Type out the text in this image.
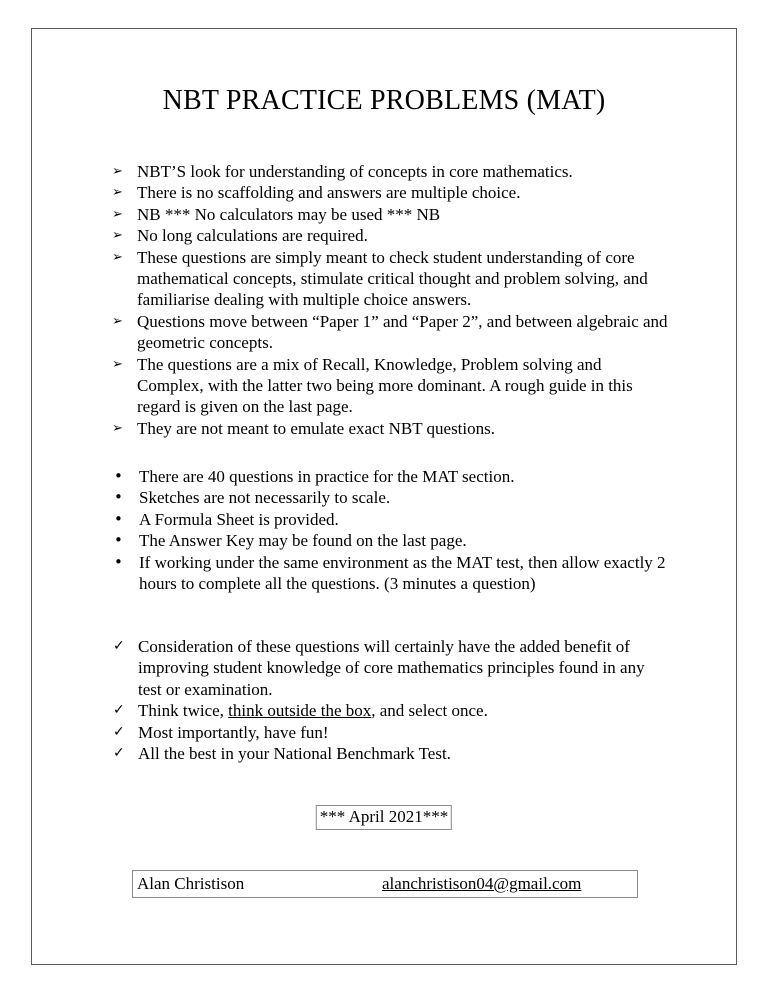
NBT PRACTICE PROBLEMS (MAT)
➢ NBT’S look for understanding of concepts in core mathematics.
➢ There is no scaffolding and answers are multiple choice.
➢ NB *** No calculators may be used *** NB
➢ No long calculations are required.
➢ These questions are simply meant to check student understanding of core mathematical concepts, stimulate critical thought and problem solving, and familiarise dealing with multiple choice answers.
➢ Questions move between “Paper 1” and “Paper 2”, and between algebraic and geometric concepts.
➢ The questions are a mix of Recall, Knowledge, Problem solving and Complex, with the latter two being more dominant. A rough guide in this regard is given on the last page.
➢ They are not meant to emulate exact NBT questions.
• There are 40 questions in practice for the MAT section.
• Sketches are not necessarily to scale.
• A Formula Sheet is provided.
• The Answer Key may be found on the last page.
• If working under the same environment as the MAT test, then allow exactly 2 hours to complete all the questions. (3 minutes a question)
✓ Consideration of these questions will certainly have the added benefit of improving student knowledge of core mathematics principles found in any test or examination.
✓ Think twice, think outside the box, and select once.
✓ Most importantly, have fun!
✓ All the best in your National Benchmark Test.
*** April 2021***
Alan Christison	alanchristison04@gmail.com
